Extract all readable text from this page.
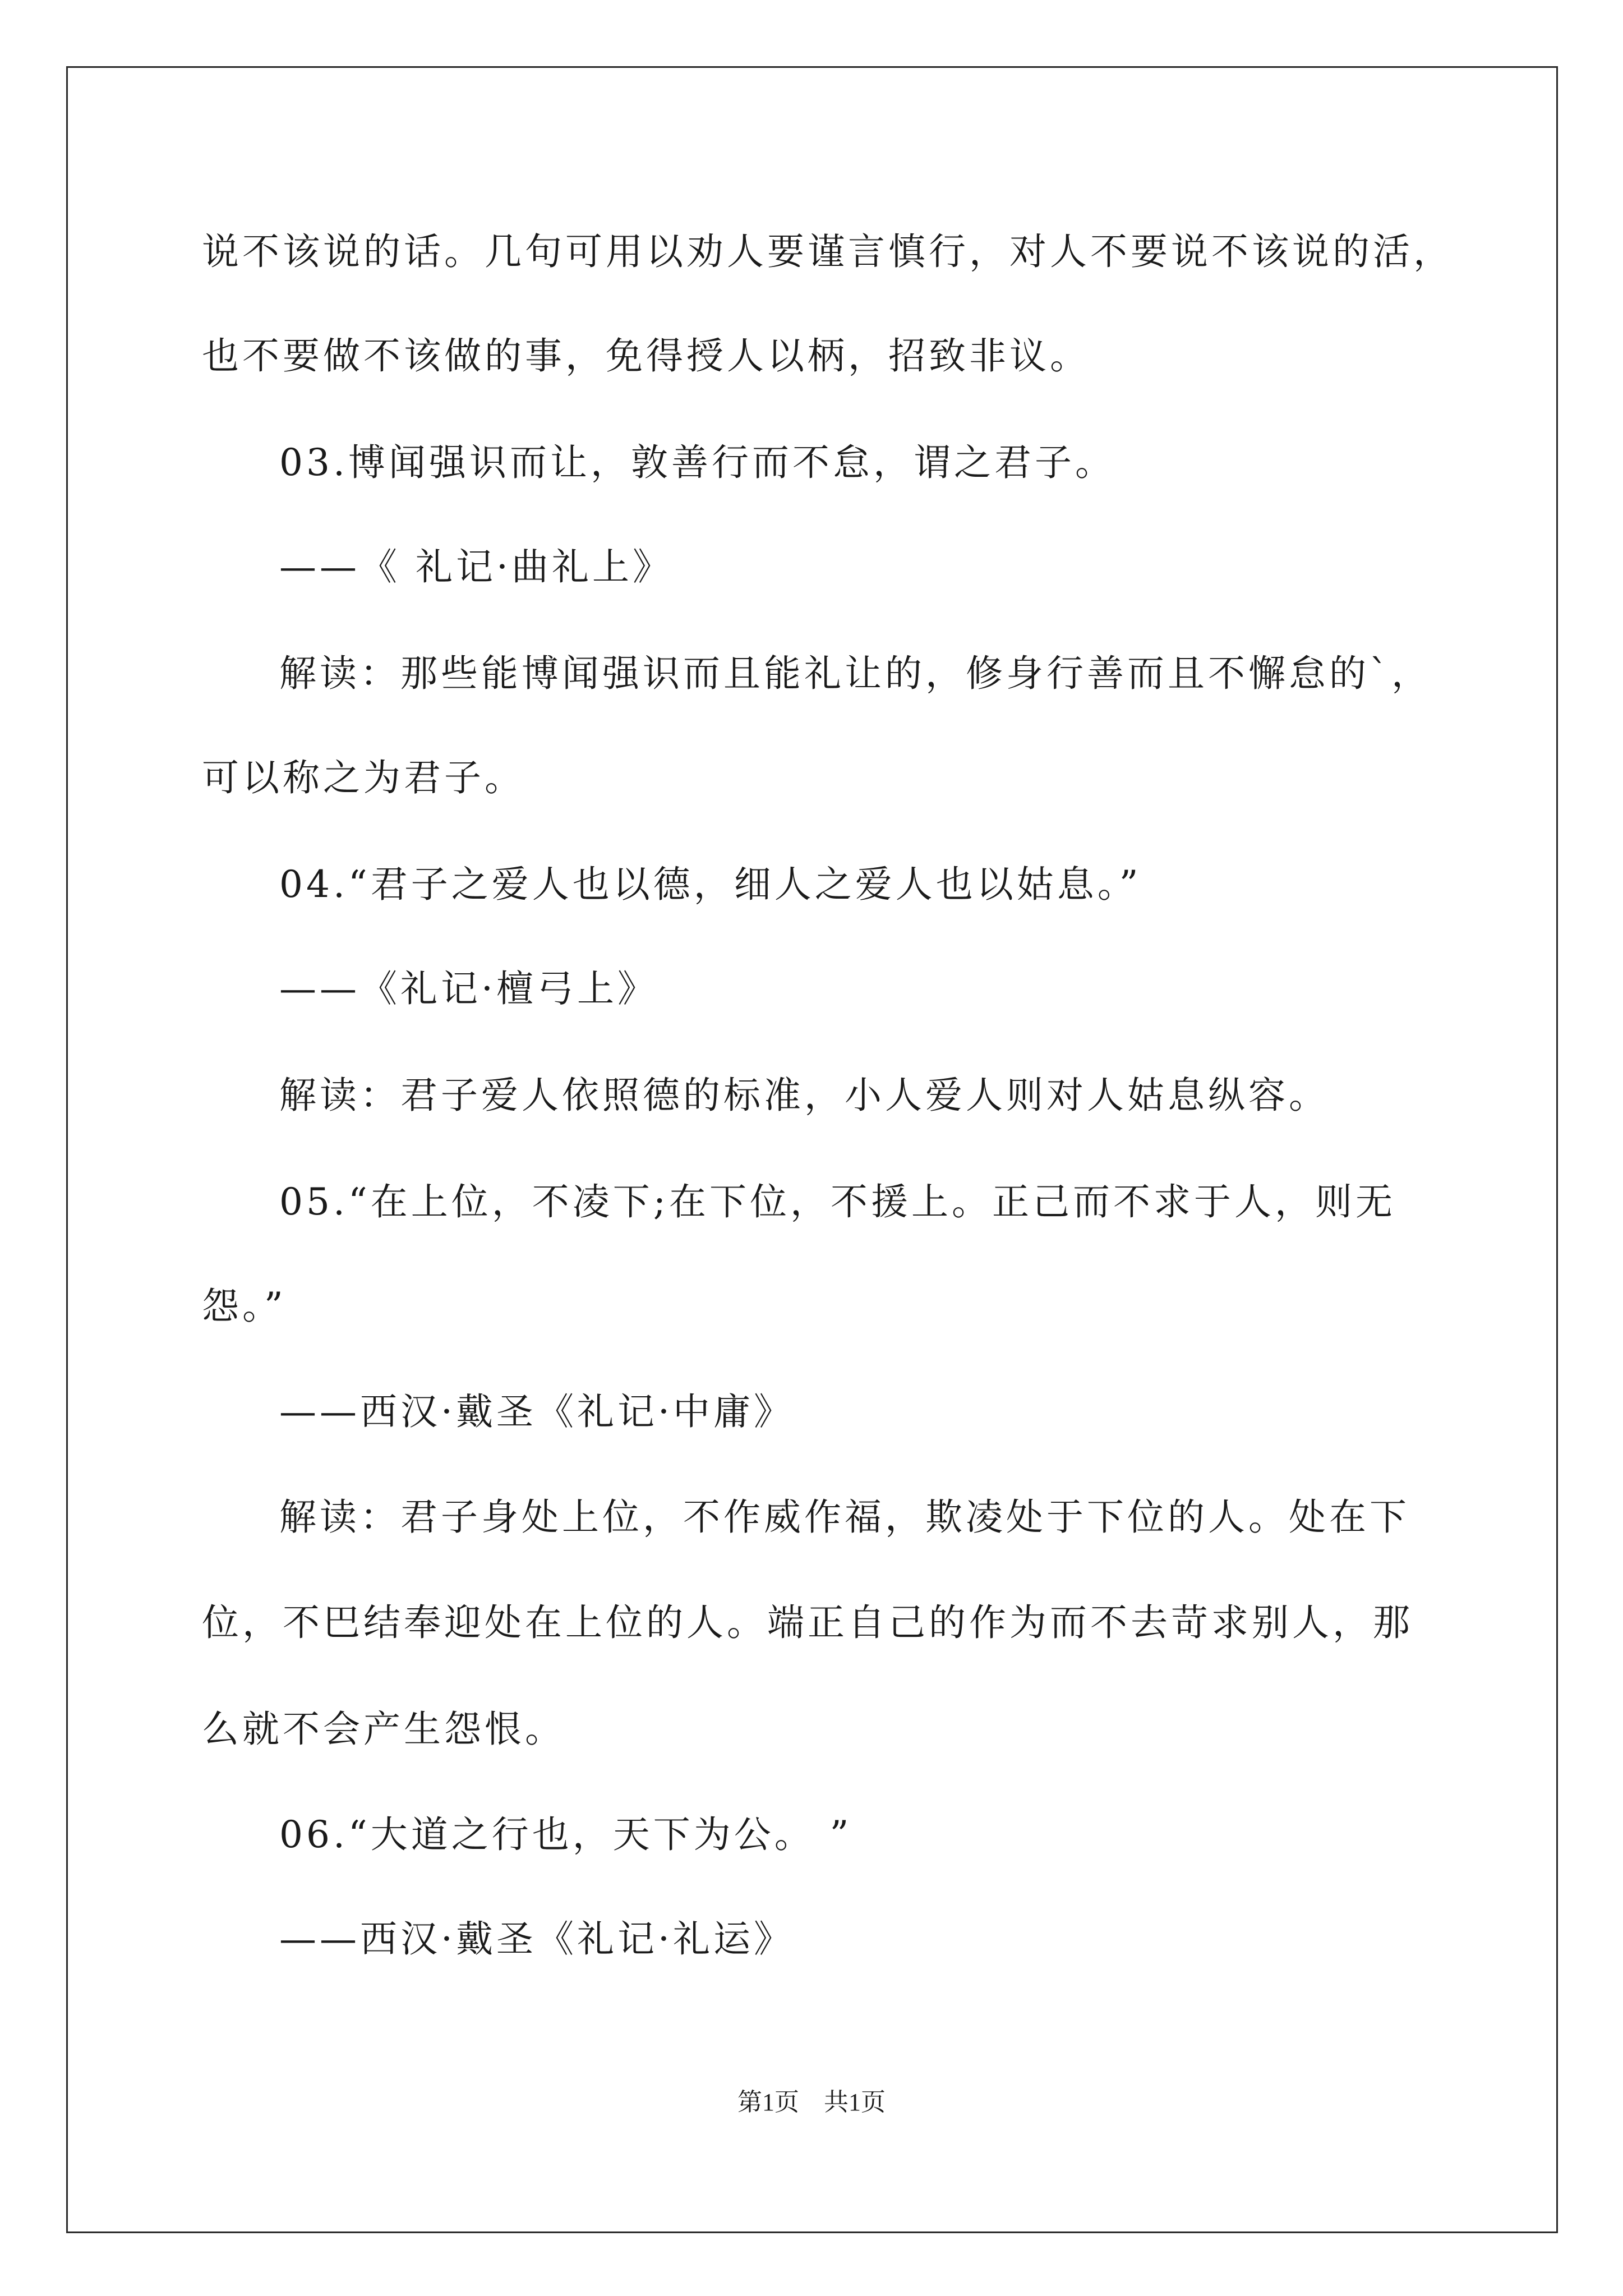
说不该说的话。几句可用以劝人要谨言慎行，对人不要说不该说的活，
也不要做不该做的事，免得授人以柄，招致非议。
03.博闻强识而让，敦善行而不怠，谓之君子。
——《 礼记·曲礼上》
解读：那些能博闻强识而且能礼让的，修身行善而且不懈怠的`，
可以称之为君子。
04.“君子之爱人也以德，细人之爱人也以姑息。”
——《礼记·檀弓上》
解读：君子爱人依照德的标准，小人爱人则对人姑息纵容。
05.“在上位，不凌下;在下位，不援上。正己而不求于人，则无
怨。”
——西汉·戴圣《礼记·中庸》
解读：君子身处上位，不作威作福，欺凌处于下位的人。处在下
位，不巴结奉迎处在上位的人。端正自己的作为而不去苛求别人，那
么就不会产生怨恨。
06.“大道之行也，天下为公。 ”
——西汉·戴圣《礼记·礼运》
第1页　共1页
